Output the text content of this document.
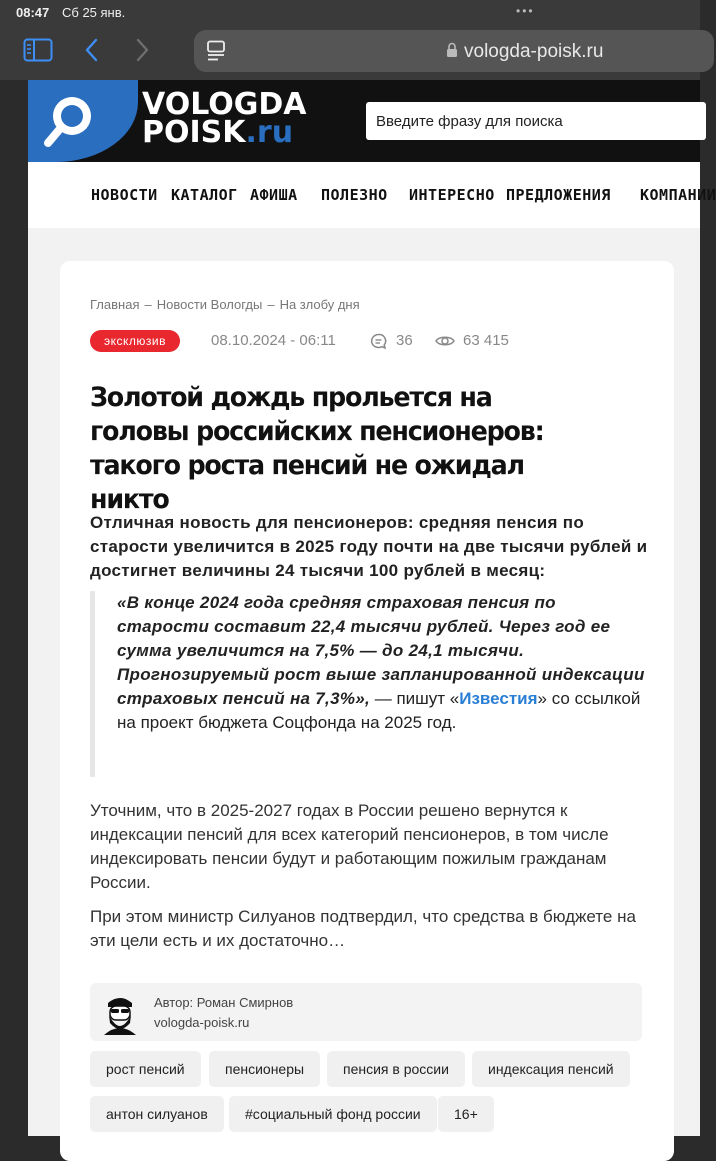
08:47 Сб 25 янв.	•••
vologda-poisk.ru
VOLOGDA
POISK.ru
Введите фразу для поиска
НОВОСТИ КАТАЛОГ АФИША ПОЛЕЗНО ИНТЕРЕСНО ПРЕДЛОЖЕНИЯ КОМПАНИИ
Главная – Новости Вологды – На злобу дня
эксклюзив	08.10.2024 - 06:11	36	63 415
Золотой дождь прольется на головы российских пенсионеров: такого роста пенсий не ожидал никто

Отличная новость для пенсионеров: средняя пенсия по старости увеличится в 2025 году почти на две тысячи рублей и достигнет величины 24 тысячи 100 рублей в месяц:

«В конце 2024 года средняя страховая пенсия по старости составит 22,4 тысячи рублей. Через год ее сумма увеличится на 7,5% — до 24,1 тысячи. Прогнозируемый рост выше запланированной индексации страховых пенсий на 7,3%», — пишут «Известия» со ссылкой на проект бюджета Соцфонда на 2025 год.

Уточним, что в 2025-2027 годах в России решено вернутся к индексации пенсий для всех категорий пенсионеров, в том числе индексировать пенсии будут и работающим пожилым гражданам России.

При этом министр Силуанов подтвердил, что средства в бюджете на эти цели есть и их достаточно…

Автор: Роман Смирнов
vologda-poisk.ru
рост пенсий	пенсионеры	пенсия в россии	индексация пенсий
антон силуанов	#социальный фонд россии	16+
